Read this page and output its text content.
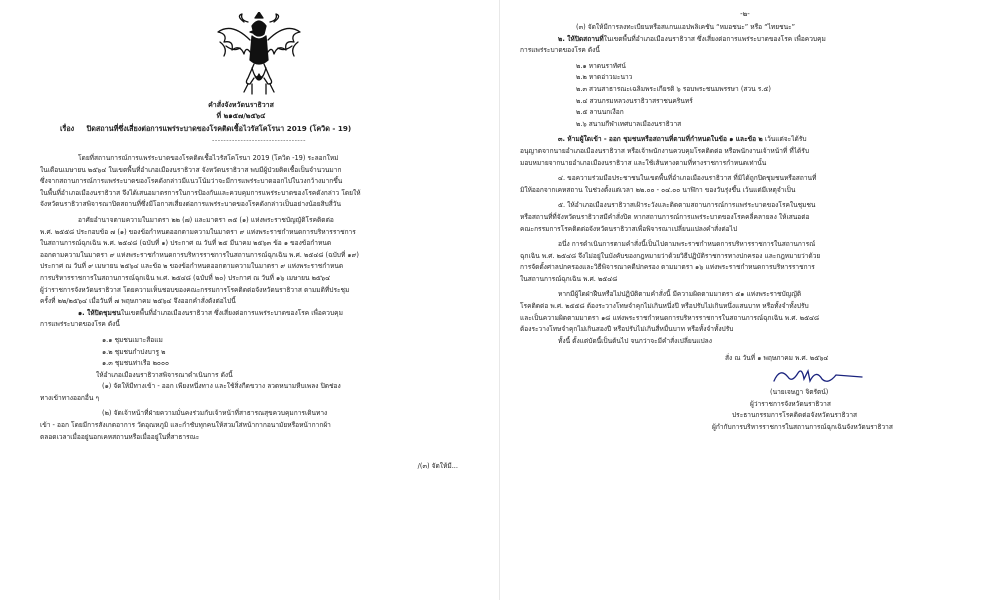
คำสั่งจังหวัดนราธิวาส
ที่ ๒๑๕๗/๒๕๖๔
เรื่อง ปิดสถานที่ซึ่งเสี่ยงต่อการแพร่ระบาดของโรคติดเชื้อไวรัสโคโรนา 2019 (โควิด - 19)
---------------------------------
โดยที่สถานการณ์การแพร่ระบาดของโรคติดเชื้อไวรัสโคโรนา 2019 (โควิด -19) ระลอกใหม่
ในเดือนเมษายน ๒๕๖๔ ในเขตพื้นที่อำเภอเมืองนราธิวาส จังหวัดนราธิวาส พบมีผู้ป่วยติดเชื้อเป็นจำนวนมาก
ซึ่งจากสถานการณ์การแพร่ระบาดของโรคดังกล่าวมีแนวโน้มว่าจะมีการแพร่ระบาดออกไปในวงกว้างมากขึ้น
ในพื้นที่อำเภอเมืองนราธิวาส จึงได้เสนอมาตรการในการป้องกันและควบคุมการแพร่ระบาดของโรคดังกล่าว โดยให้
จังหวัดนราธิวาสพิจารณาปิดสถานที่ซึ่งมีโอกาสเสี่ยงต่อการแพร่ระบาดของโรคดังกล่าวเป็นอย่างน้อยสิบสี่วัน
อาศัยอำนาจตามความในมาตรา ๒๒ (๗) และมาตรา ๓๕ (๑) แห่งพระราชบัญญัติโรคติดต่อ
พ.ศ. ๒๕๕๘ ประกอบข้อ ๗ (๑) ของข้อกำหนดออกตามความในมาตรา ๙ แห่งพระราชกำหนดการบริหารราชการ
ในสถานการณ์ฉุกเฉิน พ.ศ. ๒๕๔๘ (ฉบับที่ ๑) ประกาศ ณ วันที่ ๒๕ มีนาคม ๒๕๖๓ ข้อ ๑ ของข้อกำหนด
ออกตามความในมาตรา ๙ แห่งพระราชกำหนดการบริหารราชการในสถานการณ์ฉุกเฉิน พ.ศ. ๒๕๔๘ (ฉบับที่ ๑๙)
ประกาศ ณ วันที่ ๙ เมษายน ๒๕๖๔ และข้อ ๒ ของข้อกำหนดออกตามความในมาตรา ๙ แห่งพระราชกำหนด
การบริหารราชการในสถานการณ์ฉุกเฉิน พ.ศ. ๒๕๔๘ (ฉบับที่ ๒๐) ประกาศ ณ วันที่ ๑๖ เมษายน ๒๕๖๔
ผู้ว่าราชการจังหวัดนราธิวาส โดยความเห็นชอบของคณะกรรมการโรคติดต่อจังหวัดนราธิวาส ตามมติที่ประชุม
ครั้งที่ ๒๒/๒๕๖๔ เมื่อวันที่ ๗ พฤษภาคม ๒๕๖๔ จึงออกคำสั่งดังต่อไปนี้
๑. ให้ปิดชุมชนในเขตพื้นที่อำเภอเมืองนราธิวาส ซึ่งเสี่ยงต่อการแพร่ระบาดของโรค เพื่อควบคุม
การแพร่ระบาดของโรค ดังนี้
๑.๑ ชุมชนเมาะสือแม
๑.๒ ชุมชนกำปงบารู ๒
๑.๓ ชุมชนท่าเรือ ๒๐๐๐
ให้อำเภอเมืองนราธิวาสพิจารณาดำเนินการ ดังนี้
(๑) จัดให้มีทางเข้า - ออก เพียงหนึ่งทาง และใช้สิ่งกีดขวาง ลวดหนามหีบเพลง ปิดช่อง
ทางเข้าทางออกอื่น ๆ
(๒) จัดเจ้าหน้าที่ฝ่ายความมั่นคงร่วมกับเจ้าหน้าที่สาธารณสุขควบคุมการเดินทาง
เข้า - ออก โดยมีการสังเกตอาการ วัดอุณหภูมิ และกำชับทุกคนให้สวมใส่หน้ากากอนามัยหรือหน้ากากผ้า
ตลอดเวลาเมื่ออยู่นอกเคหสถานหรือเมื่ออยู่ในที่สาธารณะ
/(๓) จัดให้มี...
-๒-
(๓) จัดให้มีการลงทะเบียนหรือสแกนแอปพลิเคชัน “หมอชนะ” หรือ “ไทยชนะ”
๒. ให้ปิดสถานที่ในเขตพื้นที่อำเภอเมืองนราธิวาส ซึ่งเสี่ยงต่อการแพร่ระบาดของโรค เพื่อควบคุม
การแพร่ระบาดของโรค ดังนี้
๒.๑ หาดนราทัศน์
๒.๒ หาดอ่าวมะนาว
๒.๓ สวนสาธารณะเฉลิมพระเกียรติ ๖ รอบพระชนมพรรษา (สวน ร.๕)
๒.๔ สวนกรมหลวงนราธิวาสราชนครินทร์
๒.๕ ลานนกเงือก
๒.๖ สนามกีฬาเทศบาลเมืองนราธิวาส
๓. ห้ามผู้ใดเข้า - ออก ชุมชนหรือสถานที่ตามที่กำหนดในข้อ ๑ และข้อ ๒ เว้นแต่จะได้รับ
อนุญาตจากนายอำเภอเมืองนราธิวาส หรือเจ้าพนักงานควบคุมโรคติดต่อ หรือพนักงานเจ้าหน้าที่ ที่ได้รับ
มอบหมายจากนายอำเภอเมืองนราธิวาส และใช้เส้นทางตามที่ทางราชการกำหนดเท่านั้น
๔. ขอความร่วมมือประชาชนในเขตพื้นที่อำเภอเมืองนราธิวาส ที่มิได้ถูกปิดชุมชนหรือสถานที่
มิให้ออกจากเคหสถาน ในช่วงตั้งแต่เวลา ๒๒.๐๐ - ๐๔.๐๐ นาฬิกา ของวันรุ่งขึ้น เว้นแต่มีเหตุจำเป็น
๕. ให้อำเภอเมืองนราธิวาสเฝ้าระวังและติดตามสถานการณ์การแพร่ระบาดของโรคในชุมชน
หรือสถานที่ที่จังหวัดนราธิวาสมีคำสั่งปิด หากสถานการณ์การแพร่ระบาดของโรคคลี่คลายลง ให้เสนอต่อ
คณะกรรมการโรคติดต่อจังหวัดนราธิวาสเพื่อพิจารณาเปลี่ยนแปลงคำสั่งต่อไป
อนึ่ง การดำเนินการตามคำสั่งนี้เป็นไปตามพระราชกำหนดการบริหารราชการในสถานการณ์
ฉุกเฉิน พ.ศ. ๒๕๔๘ จึงไม่อยู่ในบังคับของกฎหมายว่าด้วยวิธีปฏิบัติราชการทางปกครอง และกฎหมายว่าด้วย
การจัดตั้งศาลปกครองและวิธีพิจารณาคดีปกครอง ตามมาตรา ๑๖ แห่งพระราชกำหนดการบริหารราชการ
ในสถานการณ์ฉุกเฉิน พ.ศ. ๒๕๔๘
หากมีผู้ใดฝ่าฝืนหรือไม่ปฏิบัติตามคำสั่งนี้ มีความผิดตามมาตรา ๕๑ แห่งพระราชบัญญัติ
โรคติดต่อ พ.ศ. ๒๕๕๘ ต้องระวางโทษจำคุกไม่เกินหนึ่งปี หรือปรับไม่เกินหนึ่งแสนบาท หรือทั้งจำทั้งปรับ
และเป็นความผิดตามมาตรา ๑๘ แห่งพระราชกำหนดการบริหารราชการในสถานการณ์ฉุกเฉิน พ.ศ. ๒๕๔๘
ต้องระวางโทษจำคุกไม่เกินสองปี หรือปรับไม่เกินสี่หมื่นบาท หรือทั้งจำทั้งปรับ
ทั้งนี้ ตั้งแต่บัดนี้เป็นต้นไป จนกว่าจะมีคำสั่งเปลี่ยนแปลง
สั่ง ณ วันที่ ๑ พฤษภาคม พ.ศ. ๒๕๖๔
(นายเจษฎา จิตรัตน์)
ผู้ว่าราชการจังหวัดนราธิวาส
ประธานกรรมการโรคติดต่อจังหวัดนราธิวาส
ผู้กำกับการบริหารราชการในสถานการณ์ฉุกเฉินจังหวัดนราธิวาส
